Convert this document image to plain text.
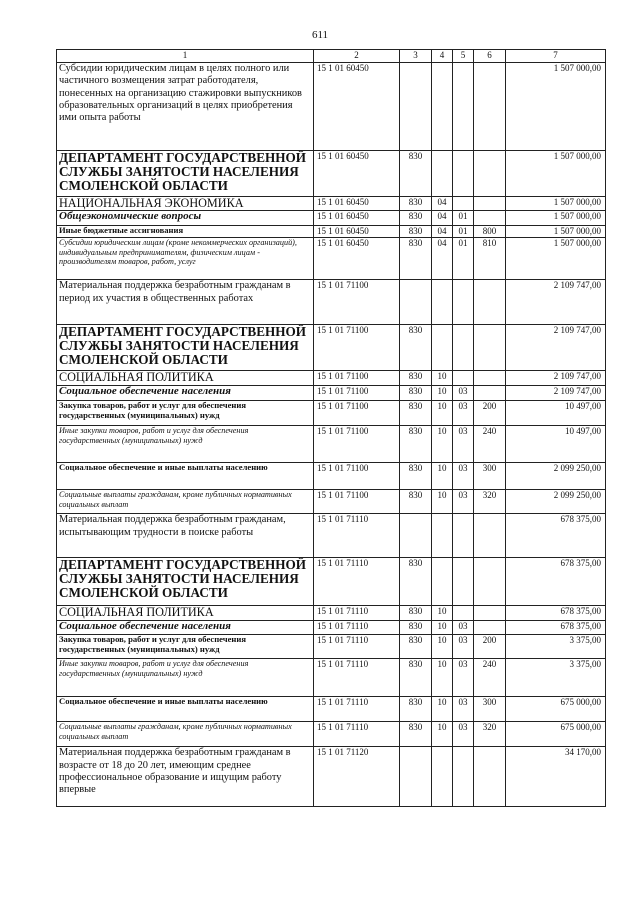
611
1	2	3	4	5	6	7
Субсидии юридическим лицам в целях полного или частичного возмещения затрат работодателя, понесенных на организацию стажировки выпускников образовательных организаций в целях приобретения ими опыта работы	15 1 01 60450					1 507 000,00
ДЕПАРТАМЕНТ ГОСУДАРСТВЕННОЙ СЛУЖБЫ ЗАНЯТОСТИ НАСЕЛЕНИЯ СМОЛЕНСКОЙ ОБЛАСТИ	15 1 01 60450	830				1 507 000,00
НАЦИОНАЛЬНАЯ ЭКОНОМИКА	15 1 01 60450	830	04			1 507 000,00
Общеэкономические вопросы	15 1 01 60450	830	04	01		1 507 000,00
Иные бюджетные ассигнования	15 1 01 60450	830	04	01	800	1 507 000,00
Субсидии юридическим лицам (кроме некоммерческих организаций), индивидуальным предпринимателям, физическим лицам - производителям товаров, работ, услуг	15 1 01 60450	830	04	01	810	1 507 000,00
Материальная поддержка безработным гражданам в период их участия в общественных работах	15 1 01 71100					2 109 747,00
ДЕПАРТАМЕНТ ГОСУДАРСТВЕННОЙ СЛУЖБЫ ЗАНЯТОСТИ НАСЕЛЕНИЯ СМОЛЕНСКОЙ ОБЛАСТИ	15 1 01 71100	830				2 109 747,00
СОЦИАЛЬНАЯ ПОЛИТИКА	15 1 01 71100	830	10			2 109 747,00
Социальное обеспечение населения	15 1 01 71100	830	10	03		2 109 747,00
Закупка товаров, работ и услуг для обеспечения государственных (муниципальных) нужд	15 1 01 71100	830	10	03	200	10 497,00
Иные закупки товаров, работ и услуг для обеспечения государственных (муниципальных) нужд	15 1 01 71100	830	10	03	240	10 497,00
Социальное обеспечение и иные выплаты населению	15 1 01 71100	830	10	03	300	2 099 250,00
Социальные выплаты гражданам, кроме публичных нормативных социальных выплат	15 1 01 71100	830	10	03	320	2 099 250,00
Материальная поддержка безработным гражданам, испытывающим трудности в поиске работы	15 1 01 71110					678 375,00
ДЕПАРТАМЕНТ ГОСУДАРСТВЕННОЙ СЛУЖБЫ ЗАНЯТОСТИ НАСЕЛЕНИЯ СМОЛЕНСКОЙ ОБЛАСТИ	15 1 01 71110	830				678 375,00
СОЦИАЛЬНАЯ ПОЛИТИКА	15 1 01 71110	830	10			678 375,00
Социальное обеспечение населения	15 1 01 71110	830	10	03		678 375,00
Закупка товаров, работ и услуг для обеспечения государственных (муниципальных) нужд	15 1 01 71110	830	10	03	200	3 375,00
Иные закупки товаров, работ и услуг для обеспечения государственных (муниципальных) нужд	15 1 01 71110	830	10	03	240	3 375,00
Социальное обеспечение и иные выплаты населению	15 1 01 71110	830	10	03	300	675 000,00
Социальные выплаты гражданам, кроме публичных нормативных социальных выплат	15 1 01 71110	830	10	03	320	675 000,00
Материальная поддержка безработным гражданам в возрасте от 18 до 20 лет, имеющим среднее профессиональное образование и ищущим работу впервые	15 1 01 71120					34 170,00
